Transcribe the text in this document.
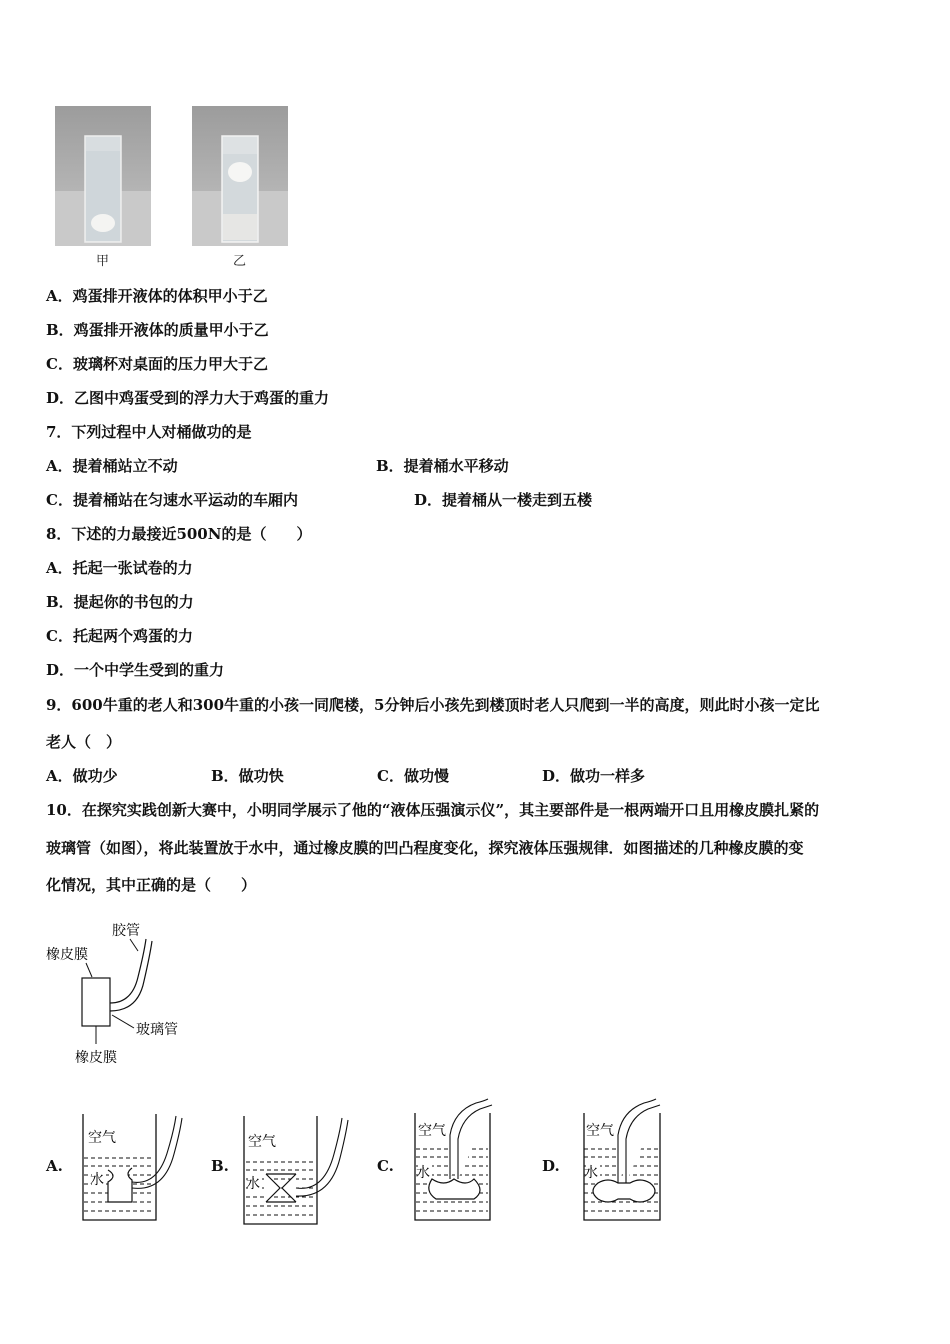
甲	乙
A．鸡蛋排开液体的体积甲小于乙
B．鸡蛋排开液体的质量甲小于乙
C．玻璃杯对桌面的压力甲大于乙
D．乙图中鸡蛋受到的浮力大于鸡蛋的重力
7．下列过程中人对桶做功的是
A．提着桶站立不动	B．提着桶水平移动
C．提着桶站在匀速水平运动的车厢内	D．提着桶从一楼走到五楼
8．下述的力最接近500N的是（　　）
A．托起一张试卷的力
B．提起你的书包的力
C．托起两个鸡蛋的力
D．一个中学生受到的重力
9．600牛重的老人和300牛重的小孩一同爬楼，5分钟后小孩先到楼顶时老人只爬到一半的高度，则此时小孩一定比
老人（　）
A．做功少	B．做功快	C．做功慢	D．做功一样多
10．在探究实践创新大赛中，小明同学展示了他的“液体压强演示仪”，其主要部件是一根两端开口且用橡皮膜扎紧的
玻璃管（如图），将此装置放于水中，通过橡皮膜的凹凸程度变化，探究液体压强规律．如图描述的几种橡皮膜的变
化情况，其中正确的是（　　）
胶管
橡皮膜
玻璃管
橡皮膜
A.
空气
水
B.
空气
水
C.
空气
水	D.
空气
水
